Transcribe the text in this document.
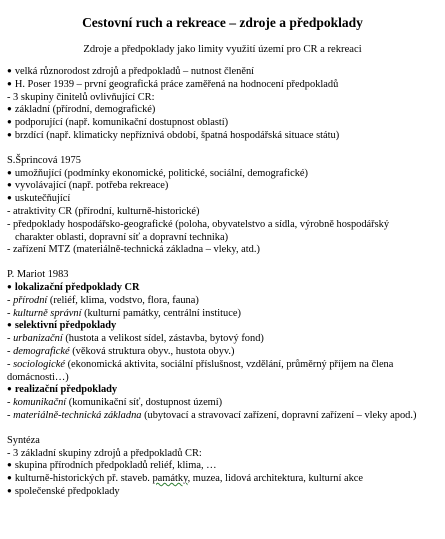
Cestovní ruch a rekreace – zdroje a předpoklady
Zdroje a předpoklady jako limity využití území pro CR a rekreaci
● velká různorodost zdrojů a předpokladů – nutnost členění
● H. Poser 1939 – první geografická práce zaměřená na hodnocení předpokladů
- 3 skupiny činitelů ovlivňující CR:
● základní (přírodní, demografické)
● podporující (např. komunikační dostupnost oblastí)
● brzdící (např. klimaticky nepříznivá období, špatná hospodářská situace státu)
S.Šprincová 1975
● umožňující (podmínky ekonomické, politické, sociální, demografické)
● vyvolávající (např. potřeba rekreace)
● uskutečňující
- atraktivity CR (přírodní, kulturně-historické)
- předpoklady hospodářsko-geografické (poloha, obyvatelstvo a sídla, výrobně hospodářský
charakter oblasti, dopravní síť a dopravní technika)
- zařízení MTZ (materiálně-technická základna – vleky, atd.)
P. Mariot 1983
● lokalizační předpoklady CR
- přírodní (reliéf, klima, vodstvo, flora, fauna)
- kulturně správní (kulturní památky, centrální instituce)
● selektivní předpoklady
- urbanizační (hustota a velikost sídel, zástavba, bytový fond)
- demografické (věková struktura obyv., hustota obyv.)
- sociologické (ekonomická aktivita, sociální příslušnost, vzdělání, průměrný příjem na člena domácnosti…)
● realizační předpoklady
- komunikační (komunikační síť, dostupnost území)
- materiálně-technická základna (ubytovací a stravovací zařízení, dopravní zařízení – vleky apod.)
Syntéza
- 3 základní skupiny zdrojů a předpokladů CR:
● skupina přírodních předpokladů reliéf, klima, …
● kulturně-historických př. staveb. památky, muzea, lidová architektura, kulturní akce
● společenské předpoklady
